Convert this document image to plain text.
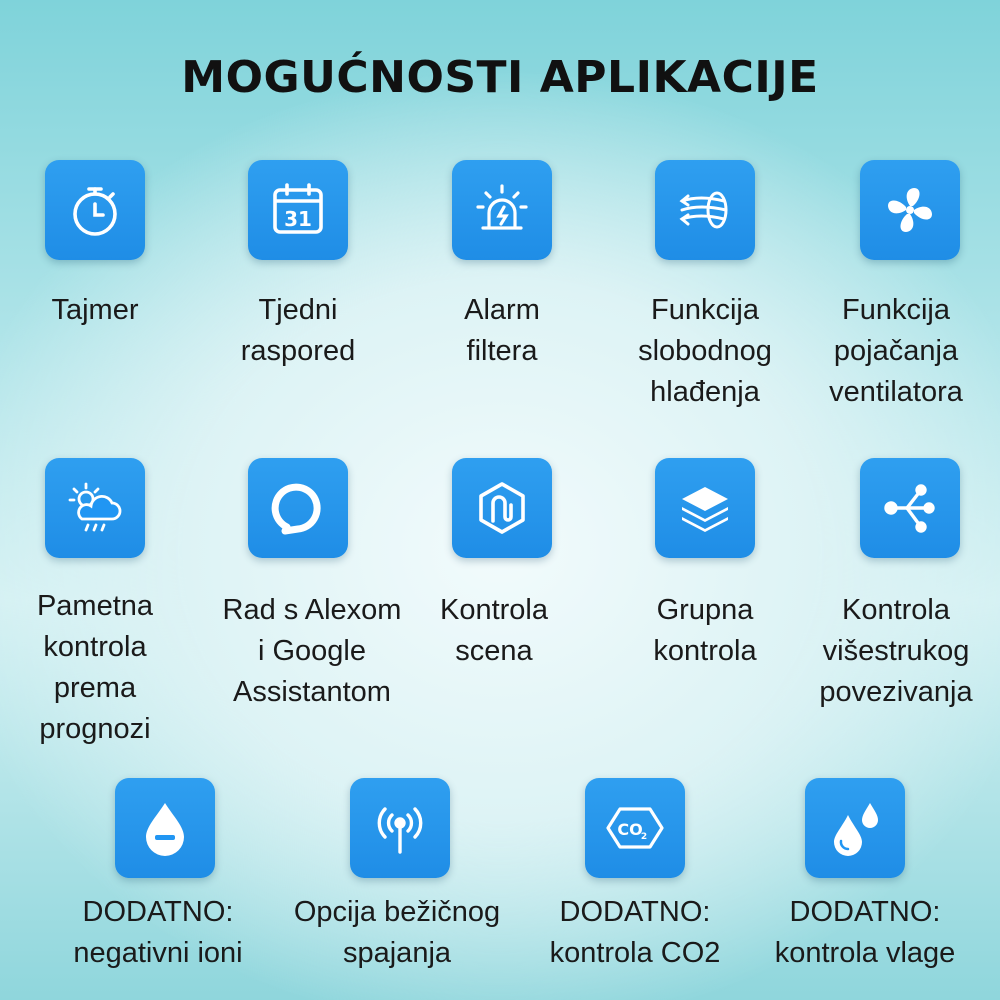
MOGUĆNOSTI APLIKACIJE
Tajmer
31
Tjedni
raspored
Alarm
filtera
Funkcija
slobodnog
hlađenja
Funkcija
pojačanja
ventilatora
Pametna
kontrola
prema
prognozi
Rad s Alexom
i Google
Assistantom
Kontrola
scena
Grupna
kontrola
Kontrola
višestrukog
povezivanja
DODATNO:
negativni ioni
Opcija bežičnog
spajanja
CO
2
DODATNO:
kontrola CO2
DODATNO:
kontrola vlage
